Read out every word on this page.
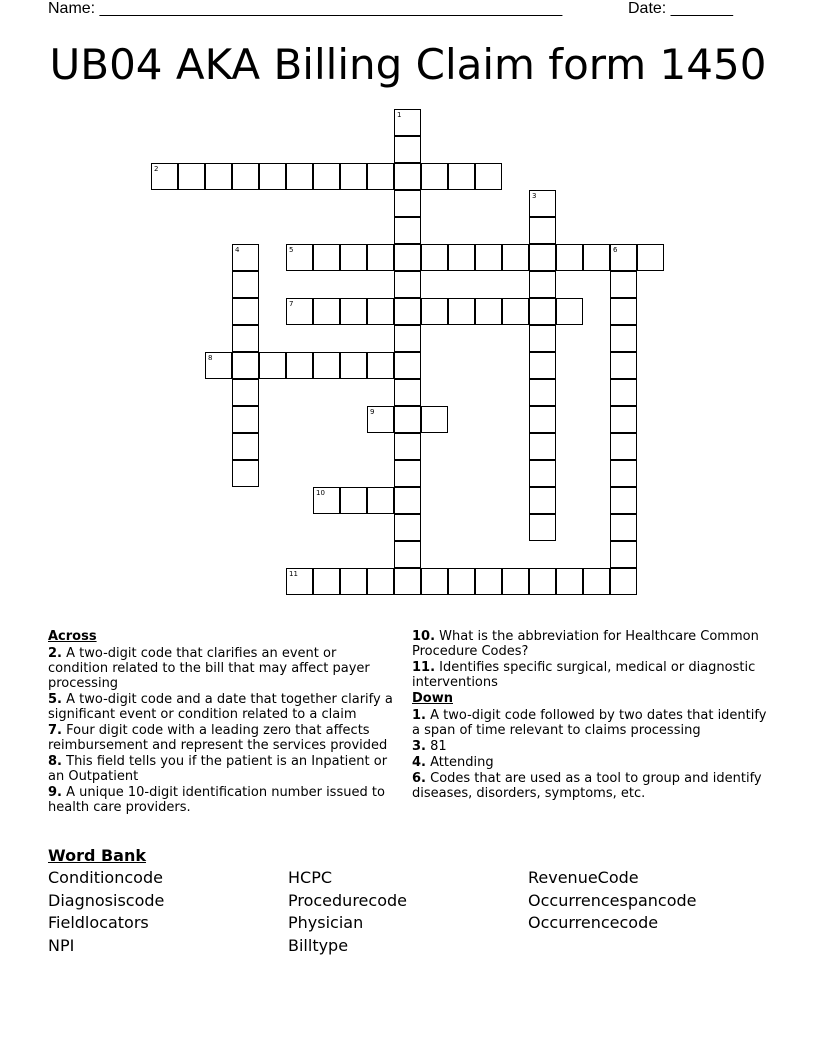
Name: ____________________________________________________	Date: _______
UB04 AKA Billing Claim form 1450
1
2
3
4	5	6
7
8
9
10
11
Across
2. A two-digit code that clarifies an event or condition related to the bill that may affect payer processing
5. A two-digit code and a date that together clarify a significant event or condition related to a claim
7. Four digit code with a leading zero that affects reimbursement and represent the services provided
8. This field tells you if the patient is an Inpatient or an Outpatient
9. A unique 10-digit identification number issued to health care providers.
10. What is the abbreviation for Healthcare Common Procedure Codes?
11. Identifies specific surgical, medical or diagnostic interventions
Down
1. A two-digit code followed by two dates that identify a span of time relevant to claims processing
3. 81
4. Attending
6. Codes that are used as a tool to group and identify diseases, disorders, symptoms, etc.
Word Bank
Conditioncode
Diagnosiscode
Fieldlocators
NPI
HCPC
Procedurecode
Physician
Billtype
RevenueCode
Occurrencespancode
Occurrencecode
